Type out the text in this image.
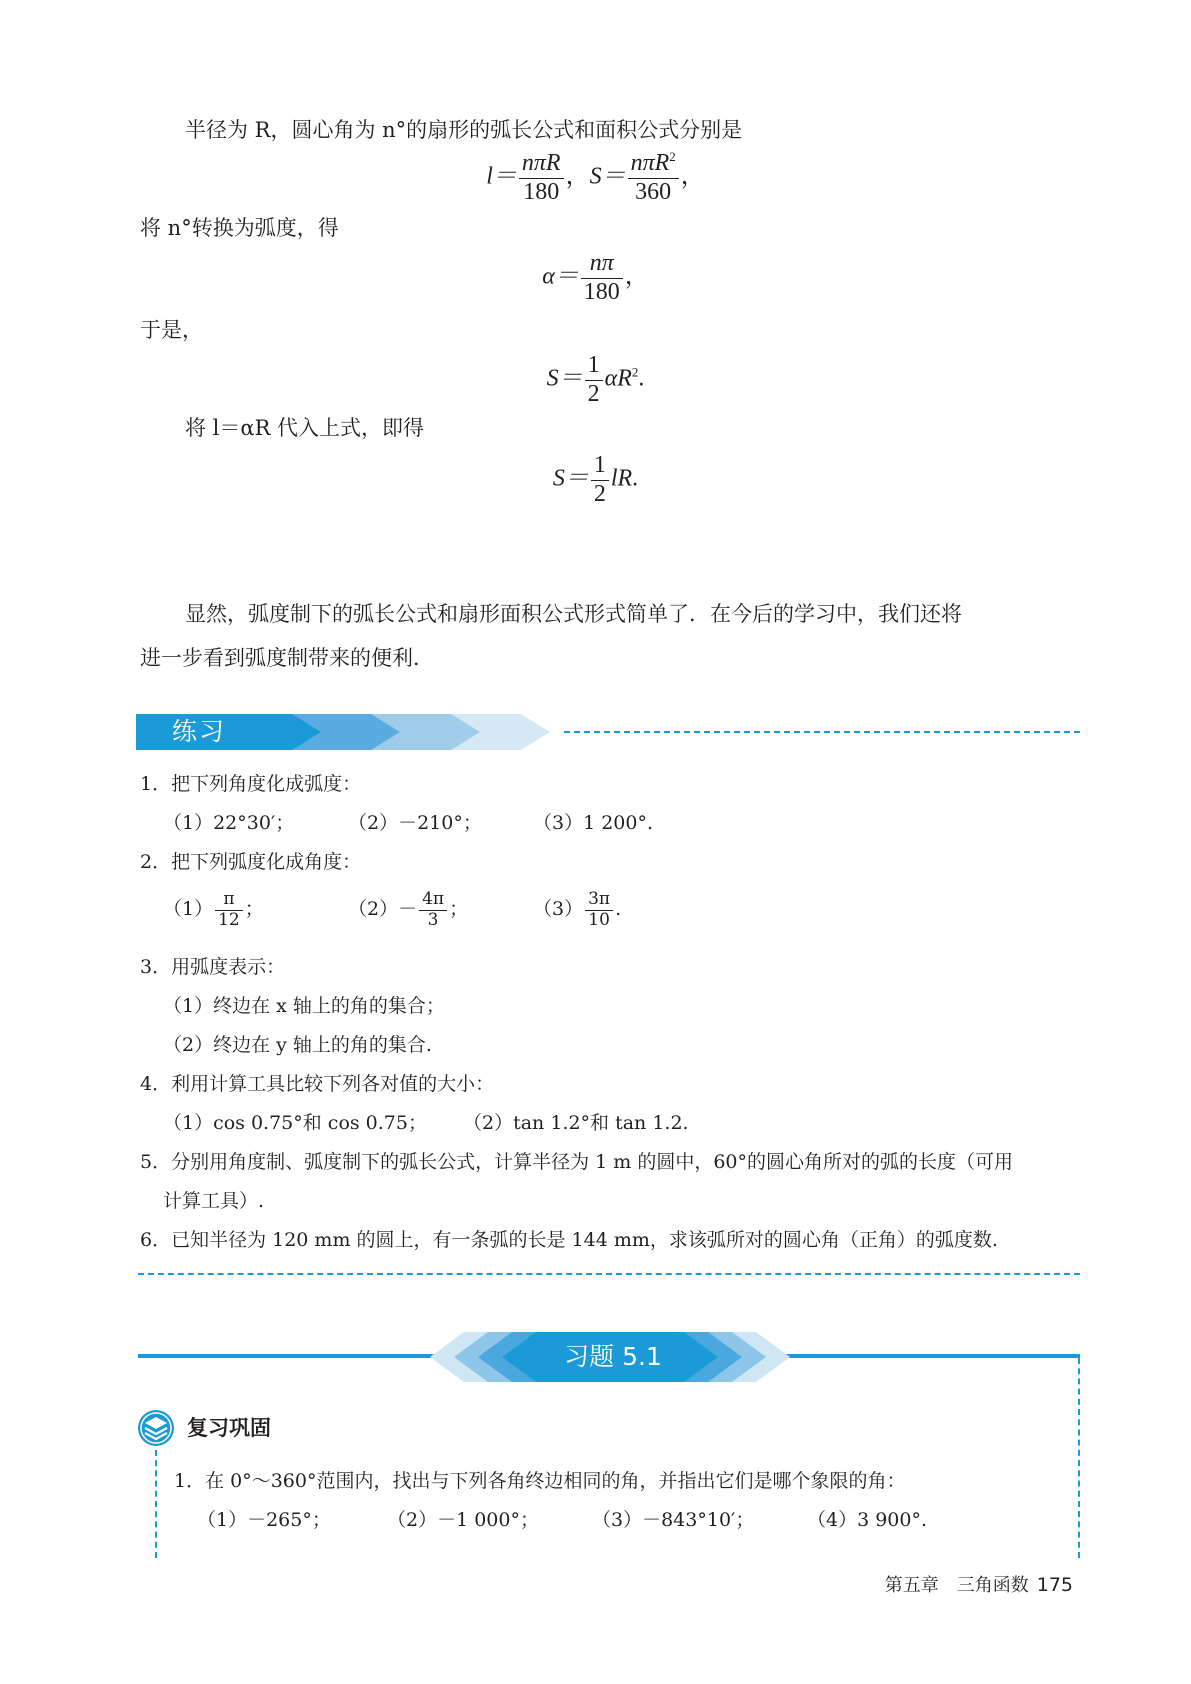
半径为 R，圆心角为 n°的扇形的弧长公式和面积公式分别是
$l= \frac{\text{nπR}}{180}$ ，$S= \frac{n\pi R^2}{360}$ ，
将 n°转换为弧度，得
$\alpha= \frac{n\pi}{180}$ ，
于是，
$S= \frac{1}{2} \alpha R^2$.
将 l＝αR 代入上式，即得
$S= \frac{1}{2}$ lR.
显然，弧度制下的弧长公式和扇形面积公式形式简单了．在今后的学习中，我们还将
进一步看到弧度制带来的便利．
练习
1．把下列角度化成弧度：
（1）22°30′；	（2）－210°；	（3）1 200°.
2．把下列弧度化成角度：
$(1) \frac{\pi}{12}$ ；	$(2)- \frac{4\pi}{3}$ ；	$(3) \frac{3\pi}{10}$ .
3．用弧度表示：
（1）终边在 x 轴上的角的集合；
（2）终边在 y 轴上的角的集合.
4．利用计算工具比较下列各对值的大小：
（1）cos 0.75°和 cos 0.75； （2）tan 1.2°和 tan 1.2.
5．分别用角度制、弧度制下的弧长公式，计算半径为 1 m 的圆中，60°的圆心角所对的弧的长度（可用
计算工具）.
6．已知半径为 120 mm 的圆上，有一条弧的长是 144 mm，求该弧所对的圆心角（正角）的弧度数.
习题 5.1
复习巩固
1．在 0°～360°范围内，找出与下列各角终边相同的角，并指出它们是哪个象限的角：
（1）－265°；	（2）－1 000°；	（3）－843°10′；	（4）3 900°.
第五章　三角函数 175
